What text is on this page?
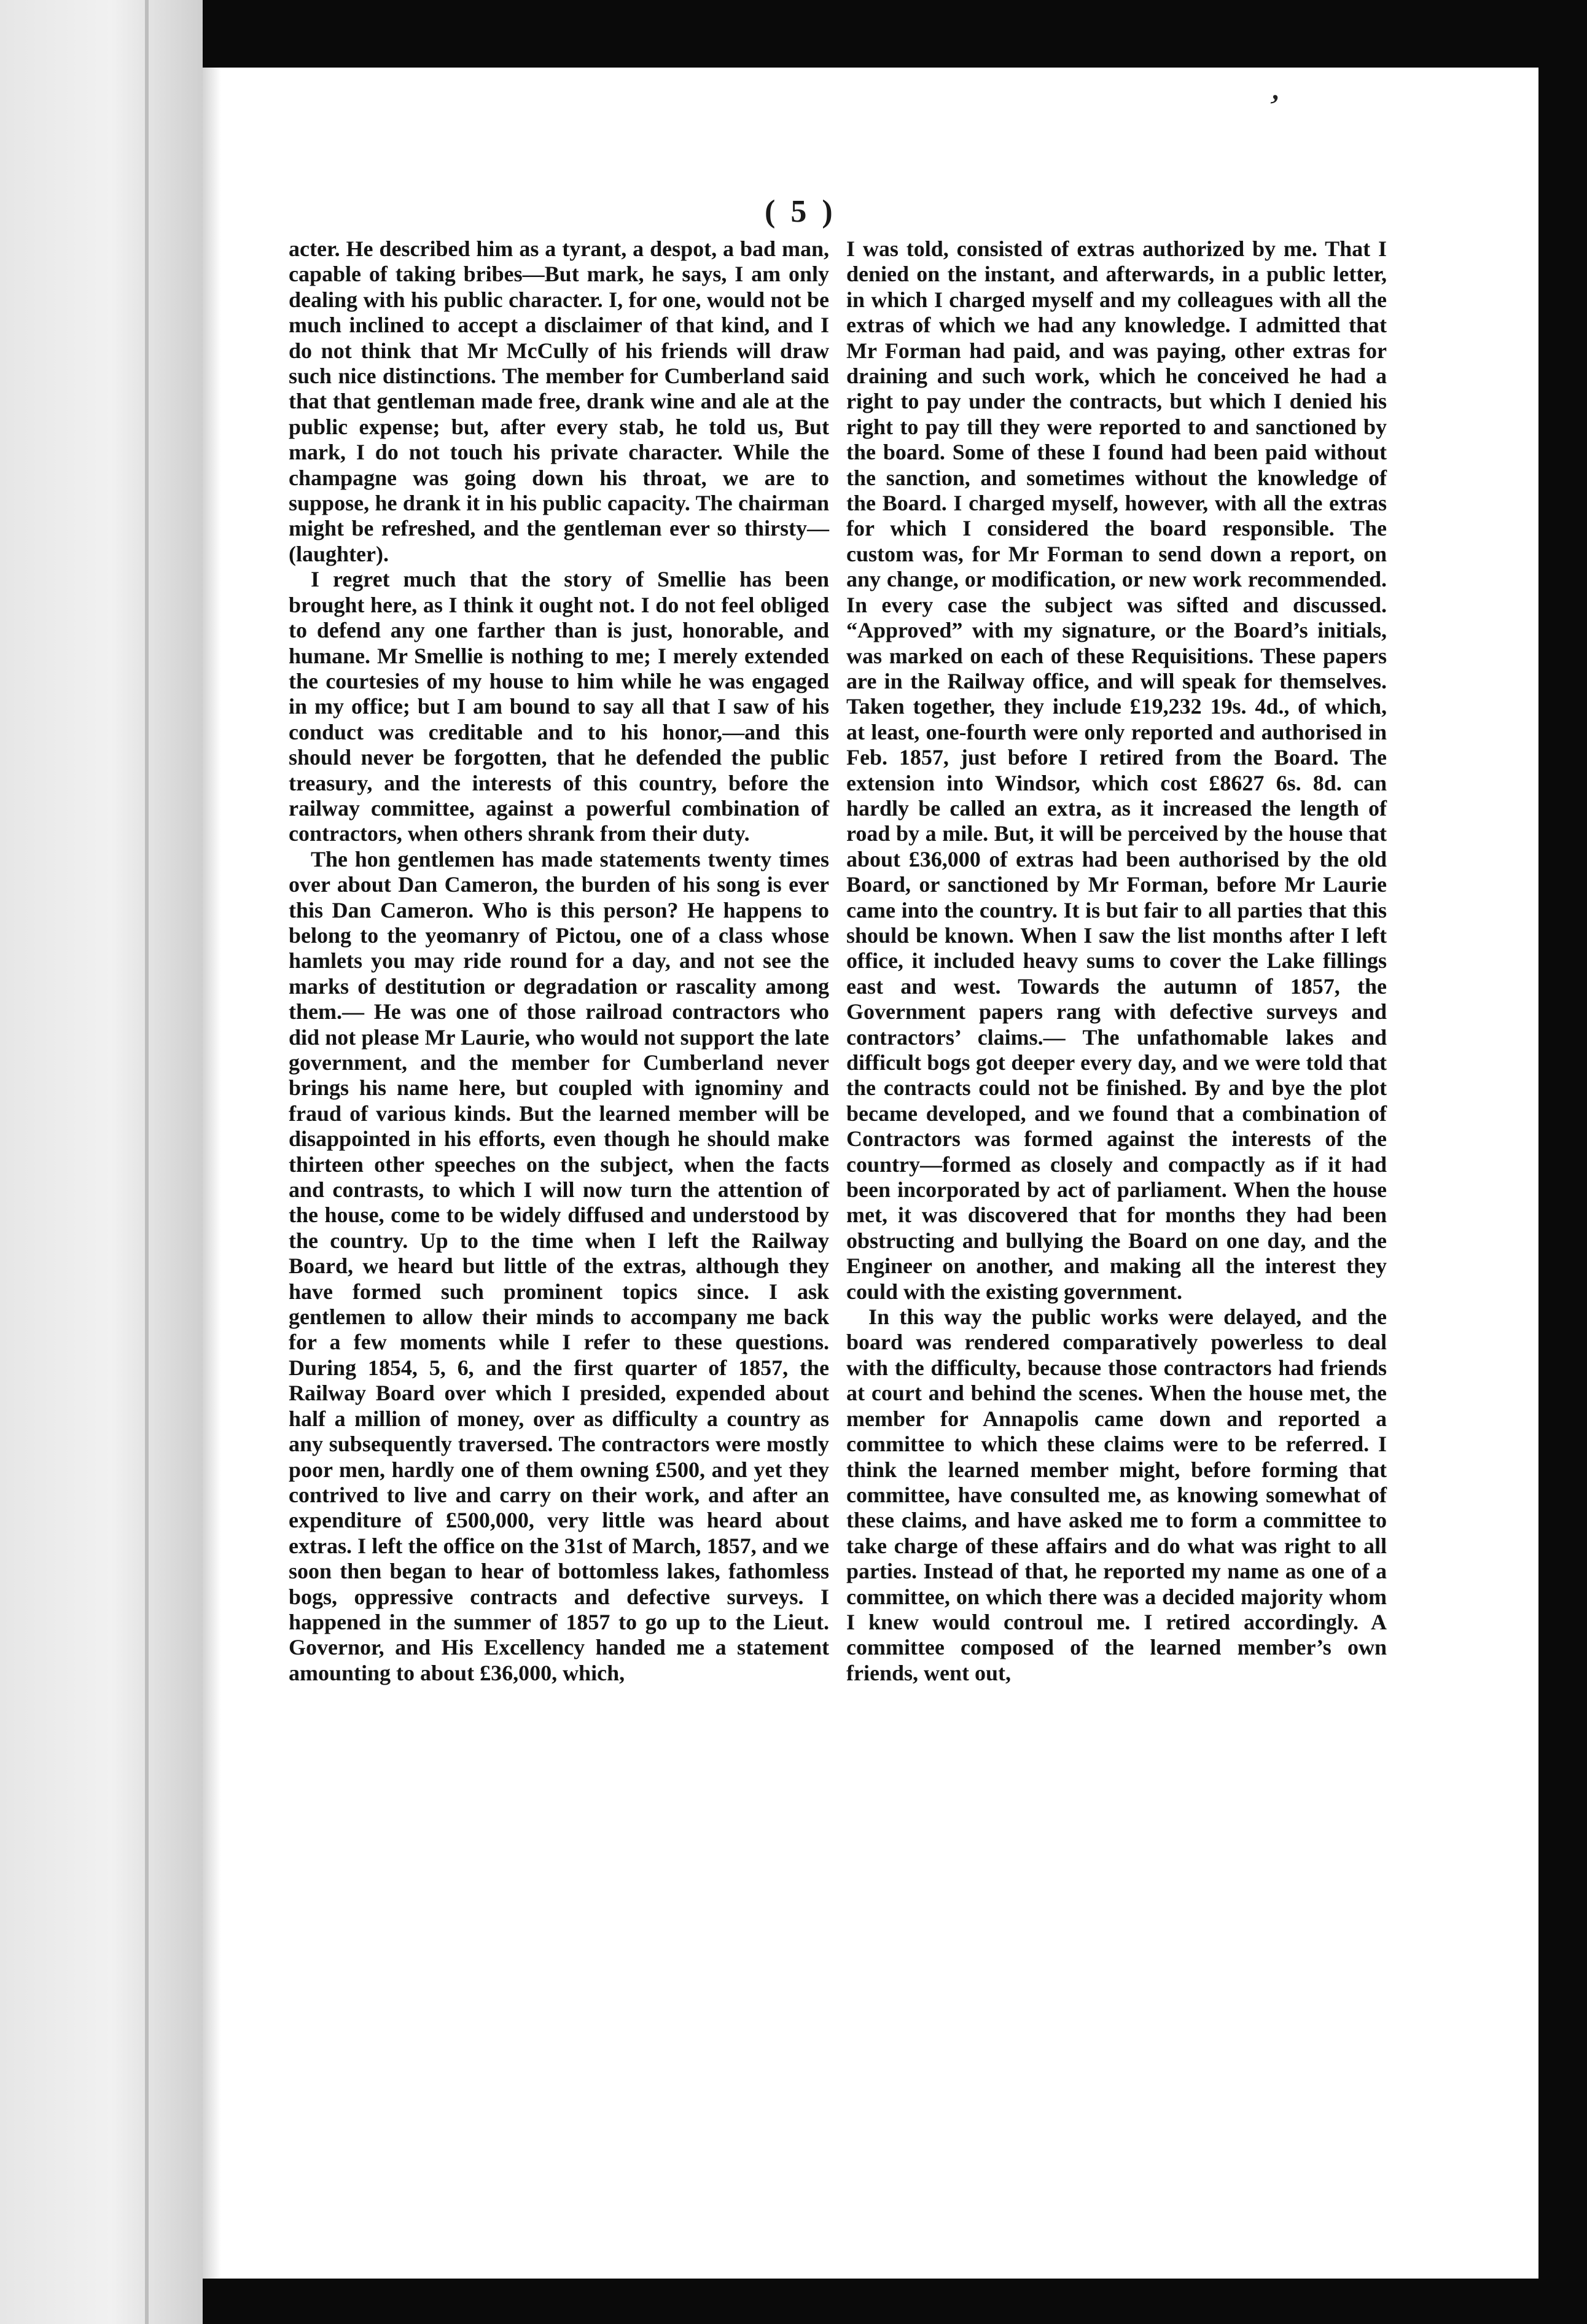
’
( 5 )

acter. He described him as a tyrant, a despot, a bad man, capable of taking bribes—But mark, he says, I am only dealing with his public character. I, for one, would not be much inclined to accept a disclaimer of that kind, and I do not think that Mr McCully of his friends will draw such nice distinctions. The member for Cumberland said that that gentleman made free, drank wine and ale at the public expense; but, after every stab, he told us, But mark, I do not touch his private character. While the champagne was going down his throat, we are to suppose, he drank it in his public capacity. The chairman might be refreshed, and the gentleman ever so thirsty—(laughter).

I regret much that the story of Smellie has been brought here, as I think it ought not. I do not feel obliged to defend any one farther than is just, honorable, and humane. Mr Smellie is nothing to me; I merely extended the courtesies of my house to him while he was engaged in my office; but I am bound to say all that I saw of his conduct was creditable and to his honor,—and this should never be forgotten, that he defended the public treasury, and the interests of this country, before the railway committee, against a powerful combination of contractors, when others shrank from their duty.

The hon gentlemen has made statements twenty times over about Dan Cameron, the burden of his song is ever this Dan Cameron. Who is this person? He happens to belong to the yeomanry of Pictou, one of a class whose hamlets you may ride round for a day, and not see the marks of destitution or degradation or rascality among them.— He was one of those railroad contractors who did not please Mr Laurie, who would not support the late government, and the member for Cumberland never brings his name here, but coupled with ignominy and fraud of various kinds. But the learned member will be disappointed in his efforts, even though he should make thirteen other speeches on the subject, when the facts and contrasts, to which I will now turn the attention of the house, come to be widely diffused and understood by the country. Up to the time when I left the Railway Board, we heard but little of the extras, although they have formed such prominent topics since. I ask gentlemen to allow their minds to accompany me back for a few moments while I refer to these questions. During 1854, 5, 6, and the first quarter of 1857, the Railway Board over which I presided, expended about half a million of money, over as difficulty a country as any subsequently traversed. The contractors were mostly poor men, hardly one of them owning £500, and yet they contrived to live and carry on their work, and after an expenditure of £500,000, very little was heard about extras. I left the office on the 31st of March, 1857, and we soon then began to hear of bottomless lakes, fathomless bogs, oppressive contracts and defective surveys. I happened in the summer of 1857 to go up to the Lieut. Governor, and His Excellency handed me a statement amounting to about £36,000, which,

I was told, consisted of extras authorized by me. That I denied on the instant, and afterwards, in a public letter, in which I charged myself and my colleagues with all the extras of which we had any knowledge. I admitted that Mr Forman had paid, and was paying, other extras for draining and such work, which he conceived he had a right to pay under the contracts, but which I denied his right to pay till they were reported to and sanctioned by the board. Some of these I found had been paid without the sanction, and sometimes without the knowledge of the Board. I charged myself, however, with all the extras for which I considered the board responsible. The custom was, for Mr Forman to send down a report, on any change, or modification, or new work recommended. In every case the subject was sifted and discussed. “Approved” with my signature, or the Board’s initials, was marked on each of these Requisitions. These papers are in the Railway office, and will speak for themselves. Taken together, they include £19,232 19s. 4d., of which, at least, one-fourth were only reported and authorised in Feb. 1857, just before I retired from the Board. The extension into Windsor, which cost £8627 6s. 8d. can hardly be called an extra, as it increased the length of road by a mile. But, it will be perceived by the house that about £36,000 of extras had been authorised by the old Board, or sanctioned by Mr Forman, before Mr Laurie came into the country. It is but fair to all parties that this should be known. When I saw the list months after I left office, it included heavy sums to cover the Lake fillings east and west. Towards the autumn of 1857, the Government papers rang with defective surveys and contractors’ claims.— The unfathomable lakes and difficult bogs got deeper every day, and we were told that the contracts could not be finished. By and bye the plot became developed, and we found that a combination of Contractors was formed against the interests of the country—formed as closely and compactly as if it had been incorporated by act of parliament. When the house met, it was discovered that for months they had been obstructing and bullying the Board on one day, and the Engineer on another, and making all the interest they could with the existing government.

In this way the public works were delayed, and the board was rendered comparatively powerless to deal with the difficulty, because those contractors had friends at court and behind the scenes. When the house met, the member for Annapolis came down and reported a committee to which these claims were to be referred. I think the learned member might, before forming that committee, have consulted me, as knowing somewhat of these claims, and have asked me to form a committee to take charge of these affairs and do what was right to all parties. Instead of that, he reported my name as one of a committee, on which there was a decided majority whom I knew would controul me. I retired accordingly. A committee composed of the learned member’s own friends, went out,
